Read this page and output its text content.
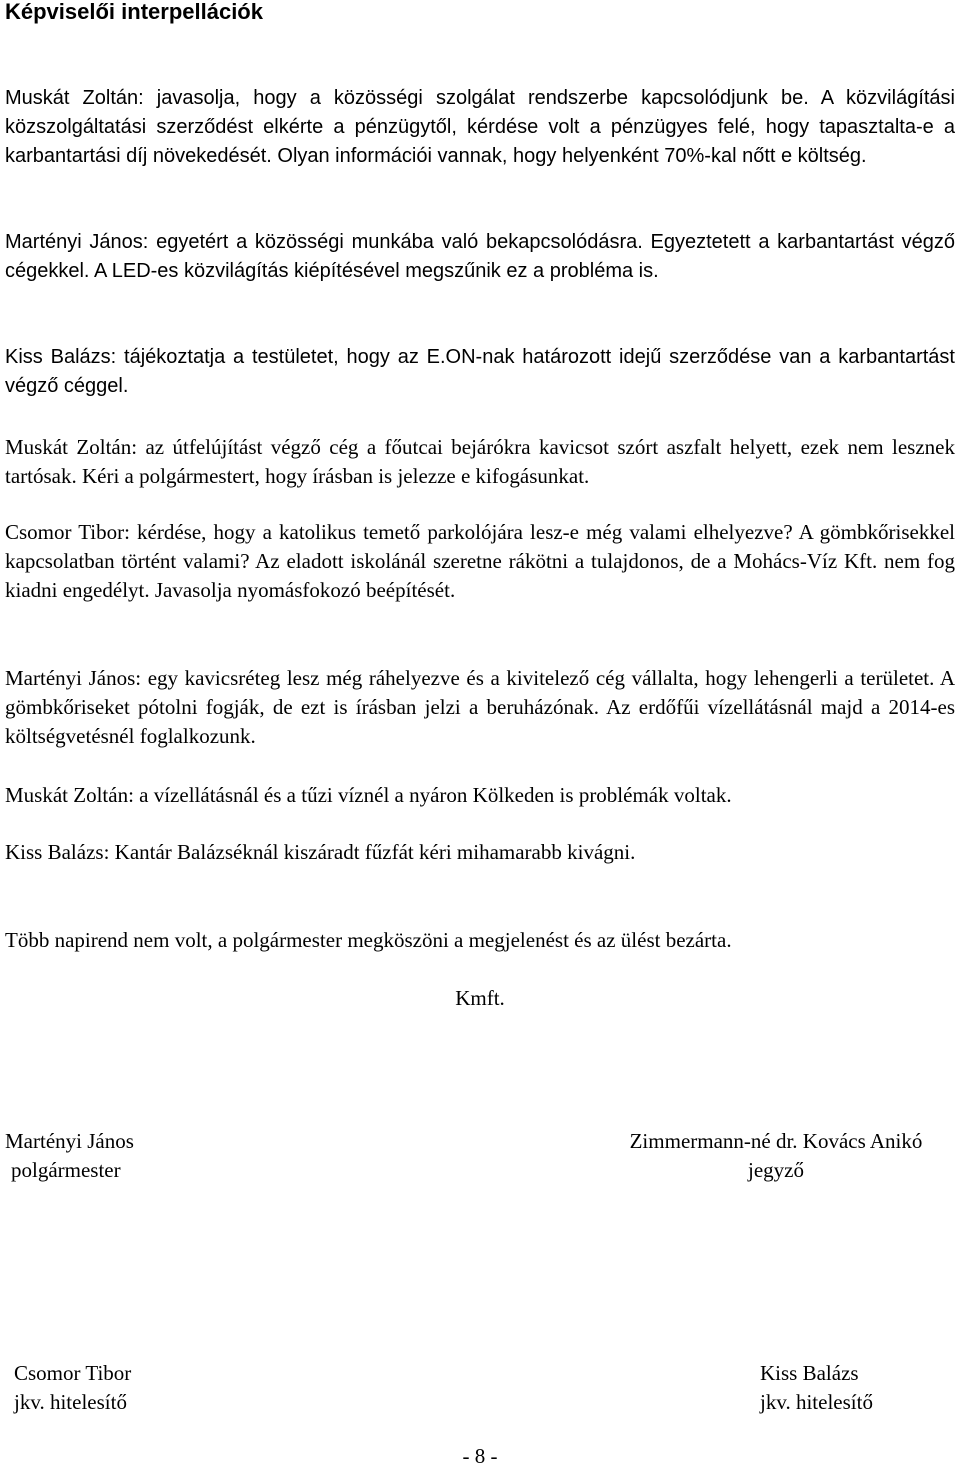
Képviselői interpellációk

Muskát Zoltán: javasolja, hogy a közösségi szolgálat rendszerbe kapcsolódjunk be. A közvilágítási közszolgáltatási szerződést elkérte a pénzügytől, kérdése volt a pénzügyes felé, hogy tapasztalta-e a karbantartási díj növekedését. Olyan információi vannak, hogy helyenként 70%-kal nőtt e költség.

Martényi János: egyetért a közösségi munkába való bekapcsolódásra. Egyeztetett a karbantartást végző cégekkel. A LED-es közvilágítás kiépítésével megszűnik ez a probléma is.

Kiss Balázs: tájékoztatja a testületet, hogy az E.ON-nak határozott idejű szerződése van a karbantartást végző céggel.

Muskát Zoltán: az útfelújítást végző cég a főutcai bejárókra kavicsot szórt aszfalt helyett, ezek nem lesznek tartósak. Kéri a polgármestert, hogy írásban is jelezze e kifogásunkat.

Csomor Tibor: kérdése, hogy a katolikus temető parkolójára lesz-e még valami elhelyezve? A gömbkőrisekkel kapcsolatban történt valami? Az eladott iskolánál szeretne rákötni a tulajdonos, de a Mohács-Víz Kft. nem fog kiadni engedélyt. Javasolja nyomásfokozó beépítését.

Martényi János: egy kavicsréteg lesz még ráhelyezve és a kivitelező cég vállalta, hogy lehengerli a területet. A gömbkőriseket pótolni fogják, de ezt is írásban jelzi a beruházónak. Az erdőfűi vízellátásnál majd a 2014-es költségvetésnél foglalkozunk.

Muskát Zoltán: a vízellátásnál és a tűzi víznél a nyáron Kölkeden is problémák voltak.

Kiss Balázs: Kantár Balázséknál kiszáradt fűzfát kéri mihamarabb kivágni.

Több napirend nem volt, a polgármester megköszöni a megjelenést és az ülést bezárta.

Kmft.

Martényi János
polgármester
Zimmermann-né dr. Kovács Anikó
jegyző
Csomor Tibor
jkv. hitelesítő
Kiss Balázs
jkv. hitelesítő

- 8 -
